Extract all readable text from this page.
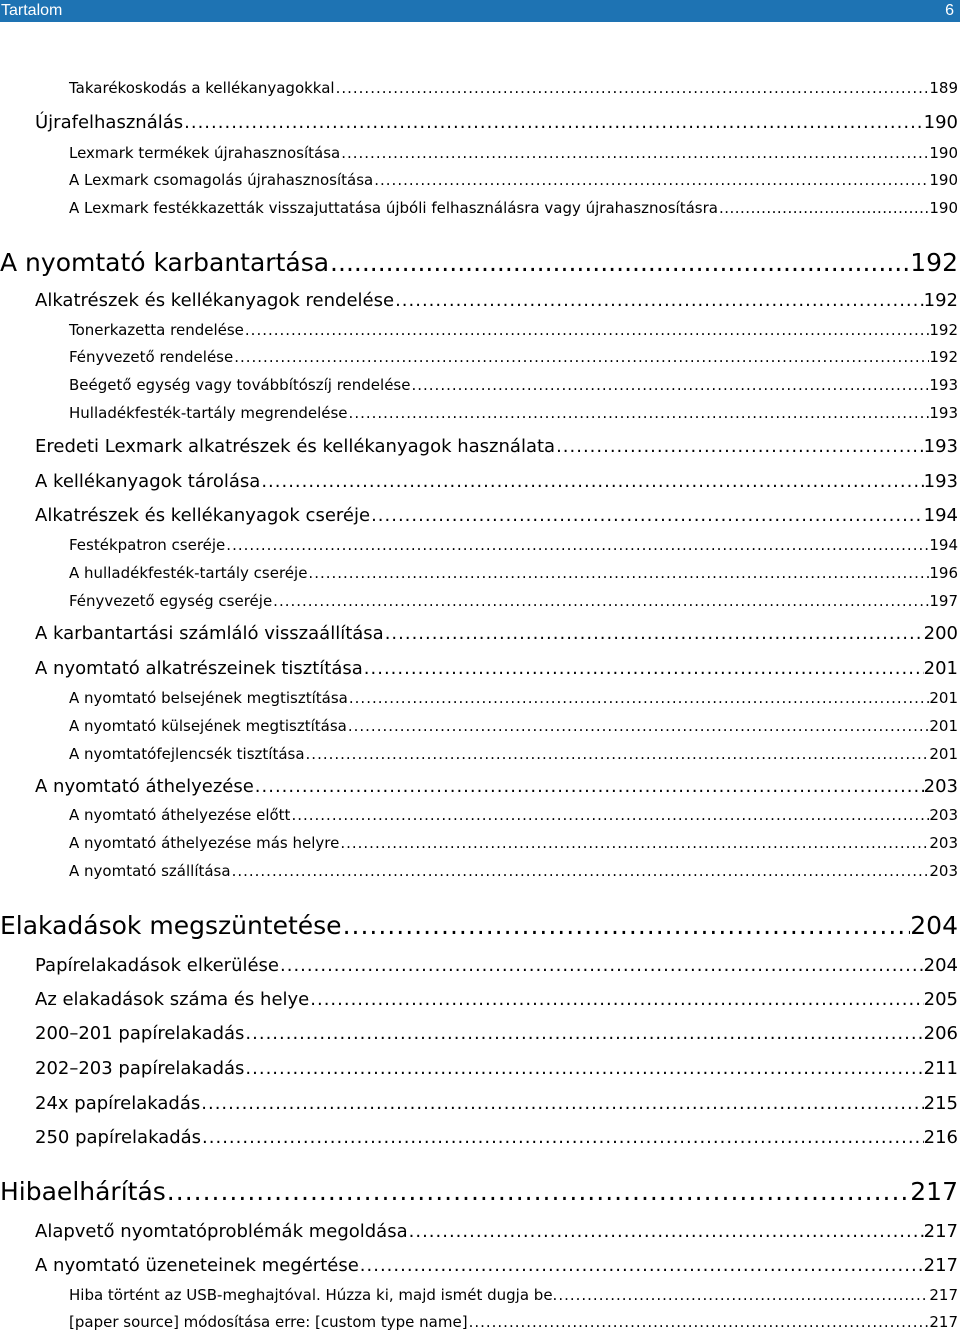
Tartalom	6
Takarékoskodás a kellékanyagokkal .....	189
Újrafelhasználás .....	190
Lexmark termékek újrahasznosítása .....	190
A Lexmark csomagolás újrahasznosítása .....	190
A Lexmark festékkazetták visszajuttatása újbóli felhasználásra vagy újrahasznosításra .....	190
A nyomtató karbantartása .....	192
Alkatrészek és kellékanyagok rendelése .....	192
Tonerkazetta rendelése .....	192
Fényvezető rendelése .....	192
Beégető egység vagy továbbítószíj rendelése .....	193
Hulladékfesték-tartály megrendelése .....	193
Eredeti Lexmark alkatrészek és kellékanyagok használata .....	193
A kellékanyagok tárolása .....	193
Alkatrészek és kellékanyagok cseréje .....	194
Festékpatron cseréje .....	194
A hulladékfesték-tartály cseréje .....	196
Fényvezető egység cseréje .....	197
A karbantartási számláló visszaállítása .....	200
A nyomtató alkatrészeinek tisztítása .....	201
A nyomtató belsejének megtisztítása .....	201
A nyomtató külsejének megtisztítása .....	201
A nyomtatófejlencsék tisztítása .....	201
A nyomtató áthelyezése .....	203
A nyomtató áthelyezése előtt .....	203
A nyomtató áthelyezése más helyre .....	203
A nyomtató szállítása .....	203
Elakadások megszüntetése .....	204
Papírelakadások elkerülése .....	204
Az elakadások száma és helye .....	205
200–201 papírelakadás .....	206
202–203 papírelakadás .....	211
24x papírelakadás .....	215
250 papírelakadás .....	216
Hibaelhárítás .....	217
Alapvető nyomtatóproblémák megoldása .....	217
A nyomtató üzeneteinek megértése .....	217
Hiba történt az USB-meghajtóval. Húzza ki, majd ismét dugja be. .....	217
[paper source] módosítása erre: [custom type name] .....	217
